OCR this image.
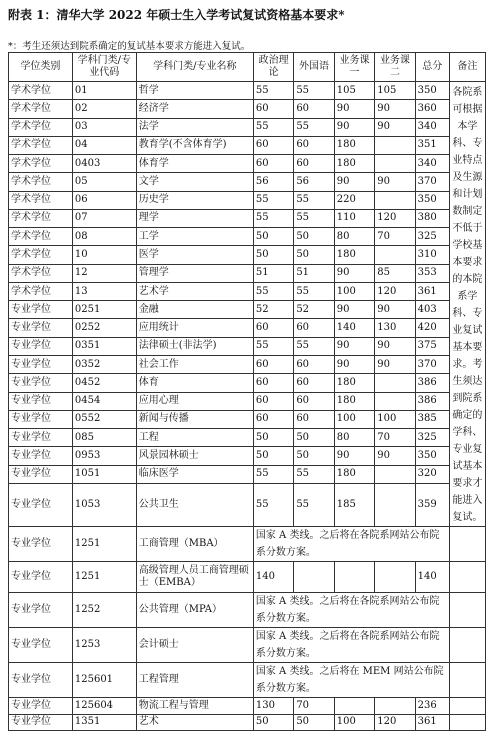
附表 1：清华大学 2022 年硕士生入学考试复试资格基本要求*
*：考生还须达到院系确定的复试基本要求方能进入复试。
学位类别	学科门类/专业代码	学科门类/专业名称	政治理论	外国语	业务课一	业务课二	总分	备注
学术学位	01	哲学	55	55	105	105	350	各院系可根据本学科、专业特点及生源和计划数制定不低于学校基本要求的本院系学科、专业复试基本要求。考生须达到院系确定的学科、专业复试基本要求才能进入复试。
学术学位	02	经济学	60	60	90	90	360	
学术学位	03	法学	55	55	90	90	340	
学术学位	04	教育学(不含体育学)	60	60	180		351	
学术学位	0403	体育学	60	60	180		340	
学术学位	05	文学	56	56	90	90	370	
学术学位	06	历史学	55	55	220		350	
学术学位	07	理学	55	55	110	120	380	
学术学位	08	工学	50	50	80	70	325	
学术学位	10	医学	50	50	180		310	
学术学位	12	管理学	51	51	90	85	353	
学术学位	13	艺术学	55	55	100	120	361	
专业学位	0251	金融	52	52	90	90	403	
专业学位	0252	应用统计	60	60	140	130	420	
专业学位	0351	法律硕士(非法学)	55	55	90	90	375	
专业学位	0352	社会工作	60	60	90	90	370	
专业学位	0452	体育	60	60	180		386	
专业学位	0454	应用心理	60	60	180		386	
专业学位	0552	新闻与传播	60	60	100	100	385	
专业学位	085	工程	50	50	80	70	325	
专业学位	0953	风景园林硕士	50	50	90	90	350	
专业学位	1051	临床医学	55	55	180		320	
专业学位	1053	公共卫生	55	55	185		359	
专业学位	1251	工商管理（MBA）	国家 A 类线。之后将在各院系网站公布院系分数方案。					
专业学位	1251	高级管理人员工商管理硕士（EMBA）	140				140	
专业学位	1252	公共管理（MPA）	国家 A 类线。之后将在各院系网站公布院系分数方案。					
专业学位	1253	会计硕士	国家 A 类线。之后将在各院系网站公布院系分数方案。					
专业学位	125601	工程管理	国家 A 类线。之后将在 MEM 网站公布院系分数方案。					
专业学位	125604	物流工程与管理	130	70			236	
专业学位	1351	艺术	50	50	100	120	361	
